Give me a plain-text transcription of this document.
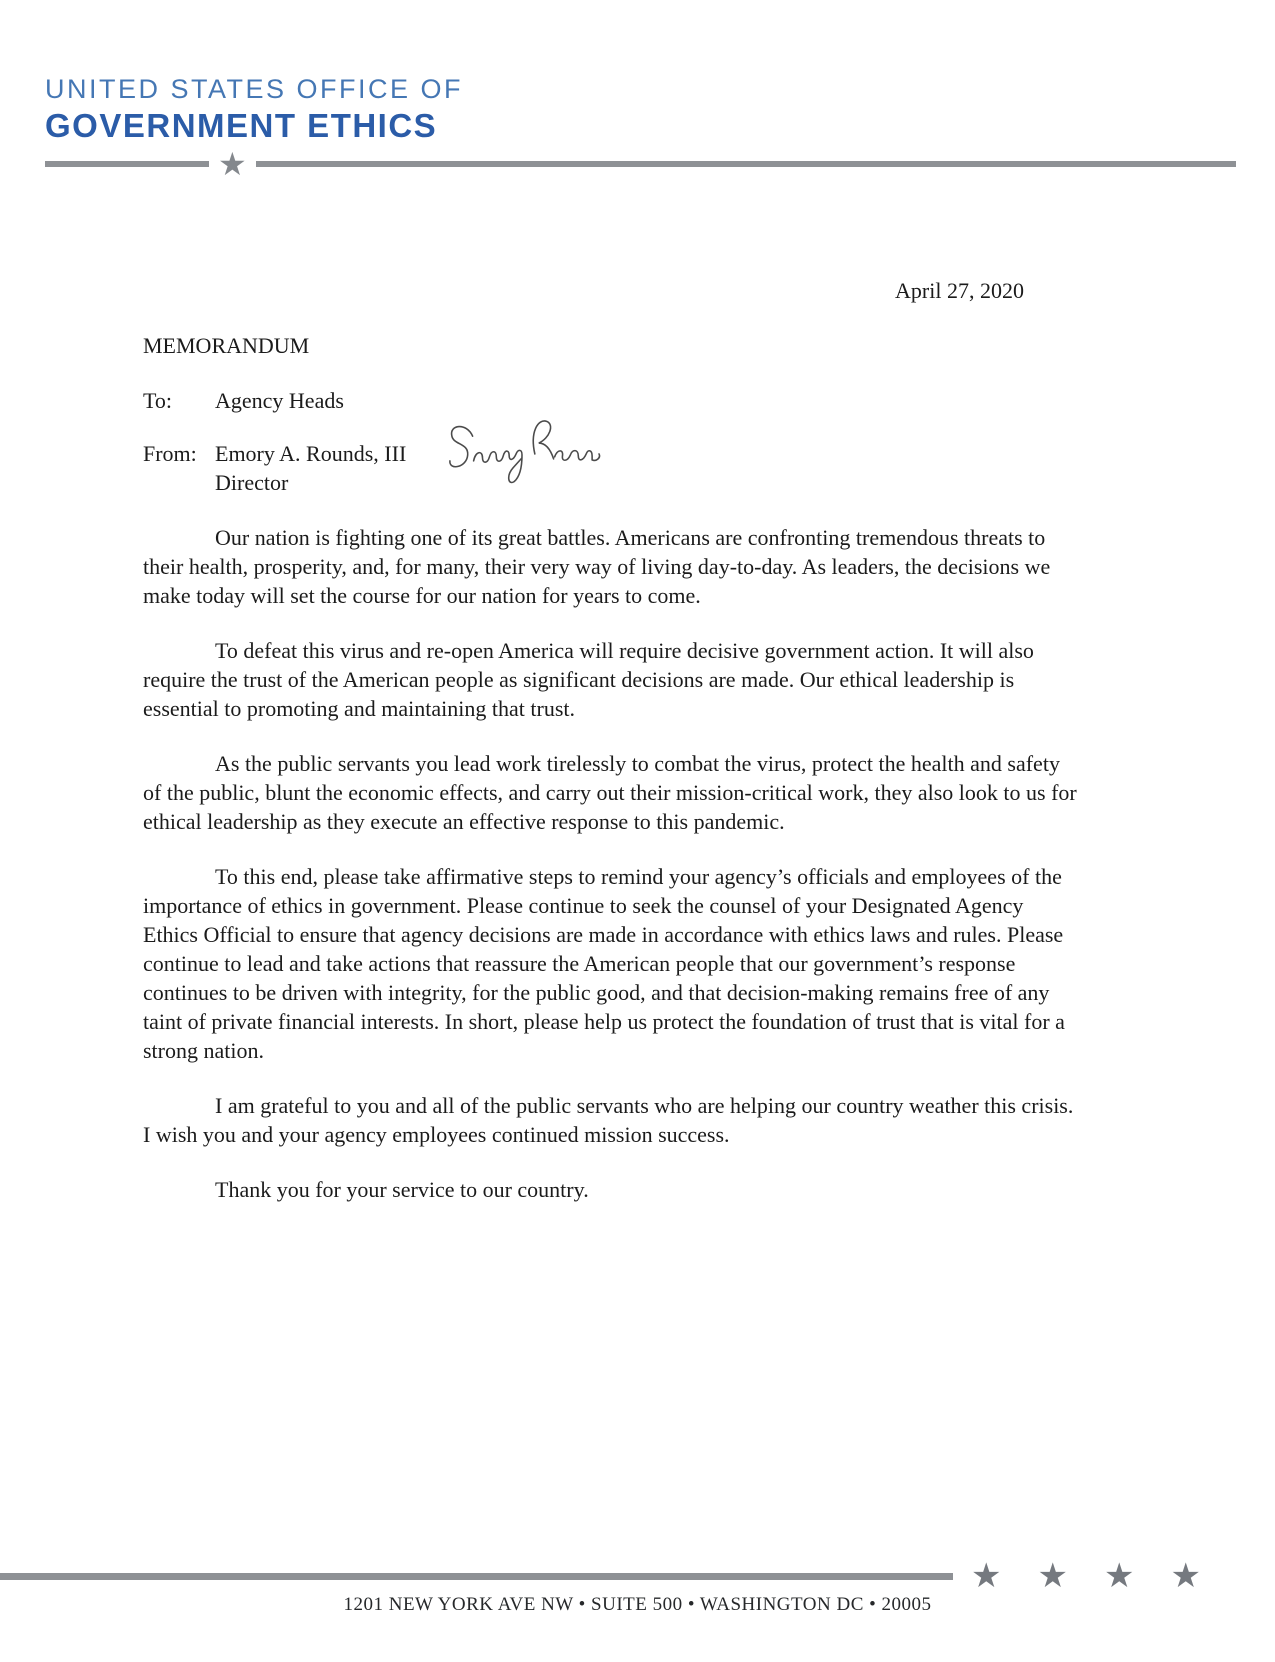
UNITED STATES OFFICE OF
GOVERNMENT ETHICS
★
April 27, 2020
MEMORANDUM
To:	Agency Heads
From: Emory A. Rounds, III
Director

Our nation is fighting one of its great battles. Americans are confronting tremendous threats to their health, prosperity, and, for many, their very way of living day-to-day. As leaders, the decisions we make today will set the course for our nation for years to come.

To defeat this virus and re-open America will require decisive government action. It will also require the trust of the American people as significant decisions are made. Our ethical leadership is essential to promoting and maintaining that trust.

As the public servants you lead work tirelessly to combat the virus, protect the health and safety of the public, blunt the economic effects, and carry out their mission-critical work, they also look to us for ethical leadership as they execute an effective response to this pandemic.

To this end, please take affirmative steps to remind your agency’s officials and employees of the importance of ethics in government. Please continue to seek the counsel of your Designated Agency Ethics Official to ensure that agency decisions are made in accordance with ethics laws and rules. Please continue to lead and take actions that reassure the American people that our government’s response continues to be driven with integrity, for the public good, and that decision-making remains free of any taint of private financial interests. In short, please help us protect the foundation of trust that is vital for a strong nation.

I am grateful to you and all of the public servants who are helping our country weather this crisis. I wish you and your agency employees continued mission success.

Thank you for your service to our country.

★ ★ ★ ★
1201 NEW YORK AVE NW • SUITE 500 • WASHINGTON DC • 20005
